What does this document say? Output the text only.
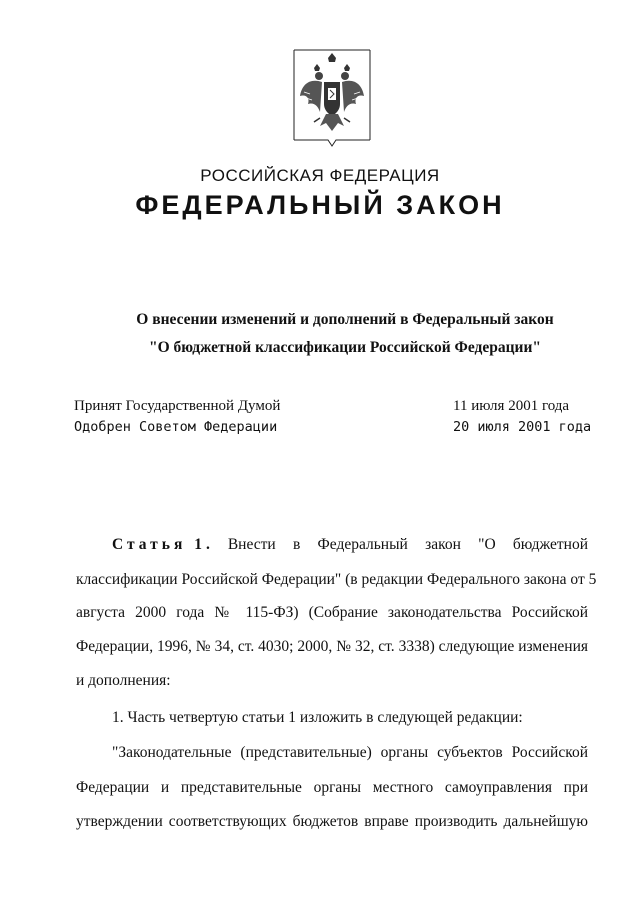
РОССИЙСКАЯ ФЕДЕРАЦИЯ
ФЕДЕРАЛЬНЫЙ ЗАКОН
О внесении изменений и дополнений в Федеральный закон
"О бюджетной классификации Российской Федерации"
Принят Государственной Думой	11 июля 2001 года
Одобрен Советом Федерации	20 июля 2001 года
Статья 1. Внести в Федеральный закон "О бюджетной
классификации Российской Федерации" (в редакции Федерального закона от 5
августа 2000 года № 115-ФЗ) (Собрание законодательства Российской
Федерации, 1996, № 34, ст. 4030; 2000, № 32, ст. 3338) следующие изменения
и дополнения:
1. Часть четвертую статьи 1 изложить в следующей редакции:
"Законодательные (представительные) органы субъектов Российской
Федерации и представительные органы местного самоуправления при
утверждении соответствующих бюджетов вправе производить дальнейшую
